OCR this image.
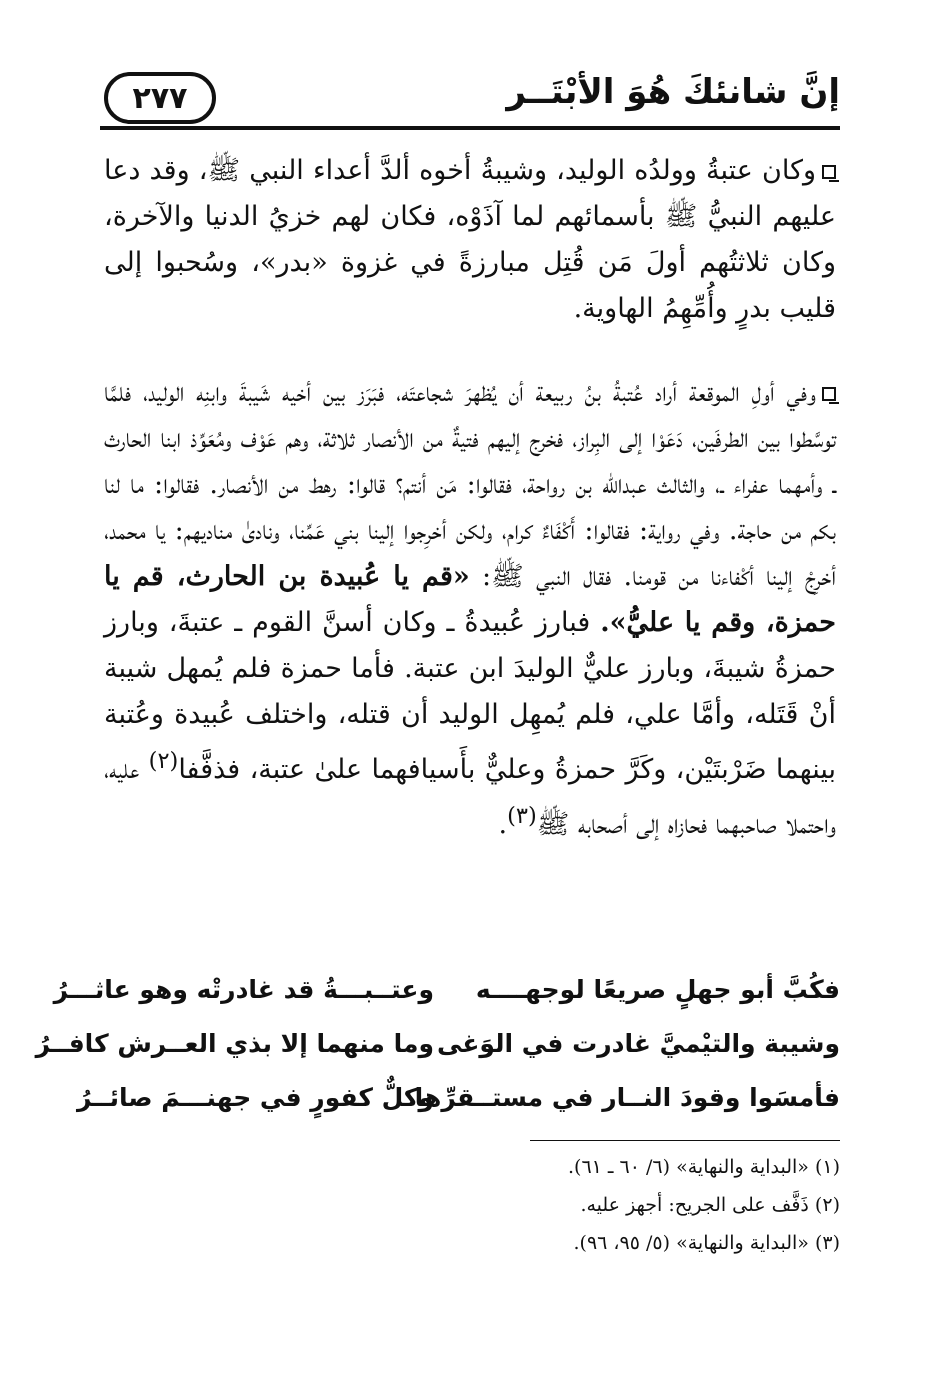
٢٧٧	إنَّ شانئكَ هُوَ الأبْتَــر

وكان عتبةُ وولدُه الوليد، وشيبةُ أخوه ألدَّ أعداء النبي ﷺ، وقد دعا عليهم النبيُّ ﷺ بأسمائهم لما آذَوْه، فكان لهم خزيُ الدنيا والآخرة، وكان ثلاثتُهم أولَ مَن قُتِل مبارزةً في غزوة «بدر»، وسُحبوا إلى قليب بدرٍ وأُمِّهِمُ الهاوية.

وفي أولِ الموقعة أراد عُتبةُ بنُ ربيعة أن يُظهرَ شجاعتَه، فبَرَز بين أخيه شَيبةَ وابنِه الوليد، فلمَّا توسَّطوا بين الطرفَين، دَعَوْا إلى البِراز، فخرج إليهم فتيةٌ من الأنصار ثلاثة، وهم عَوْف ومُعَوِّذ ابنا الحارث ـ وأمهما عفراء ـ، والثالث عبداللّه بن رواحة، فقالوا: مَن أنتم؟ قالوا: رهط من الأنصار. فقالوا: ما لنا بكم من حاجة. وفي رواية: فقالوا: أَكْفَاءٌ كرام، ولكن أخرِجوا إلينا بني عَمِّنا، ونادىٰ مناديهم: يا محمد، أخرِجْ إلينا أكْفاءنا من قومنا. فقال النبي ﷺ: «قم يا عُبيدة بن الحارث، قم يا حمزة، وقم يا عليُّ». فبارز عُبيدةُ ـ وكان أسنَّ القوم ـ عتبةَ، وبارز حمزةُ شيبةَ، وبارز عليٌّ الوليدَ ابن عتبة. فأما حمزة فلم يُمهل شيبة أنْ قَتَله، وأمَّا علي، فلم يُمهِل الوليد أن قتله، واختلف عُبيدة وعُتبة بينهما ضَرْبتَيْن، وكَرَّ حمزةُ وعليٌّ بأَسيافهما علىٰ عتبة، فذفَّفا$^{(٢)}$ عليه، واحتملا صاحبهما فحازاه إلى أصحابه ﷺ$^{(٣)}$.

فكُبَّ أبو جهلٍ صريعًا لوجهــــه
وعتــبـــةُ قد غادرتْه وهو عاثـــرُ
وشيبة والتيْميَّ غادرت في الوَغى
وما منهما إلا بذي العــرش كافــرُ
فأمسَوا وقودَ النــار في مستــقرِّها
وكلٌّ كفورٍ في جهنـــمَ صائــرُ

(١) «البداية والنهاية» (٦/ ٦٠ ـ ٦١).

(٢) ذَفَّف على الجريح: أجهز عليه.

(٣) «البداية والنهاية» (٥/ ٩٥، ٩٦).
